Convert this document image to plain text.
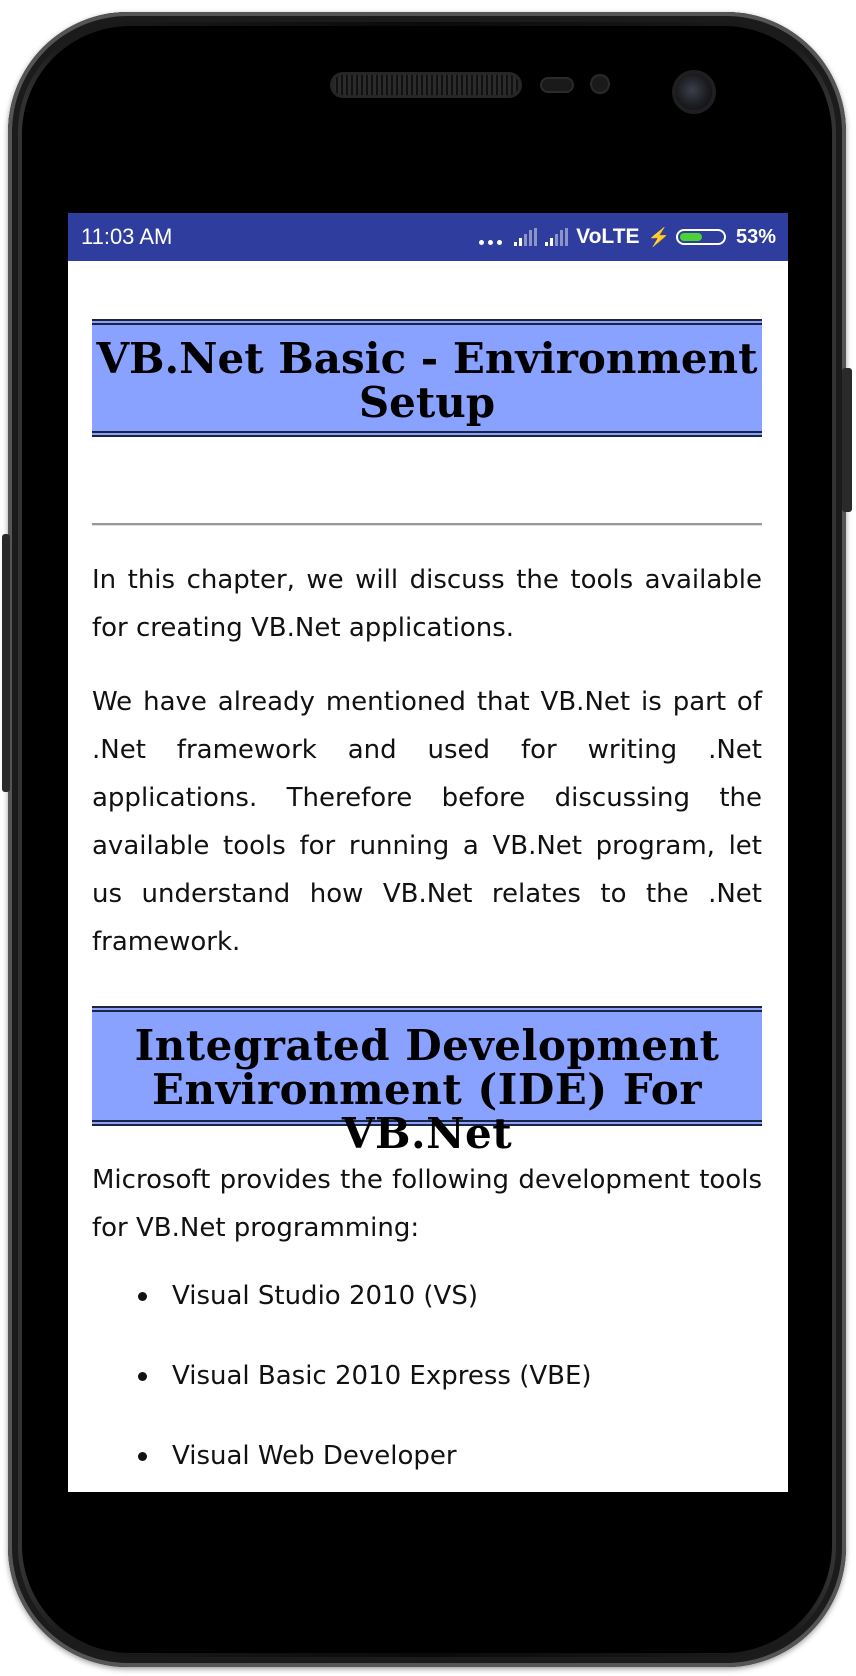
11:03 AM	VoLTE ⚡	53%
VB.Net Basic - Environment Setup

In this chapter, we will discuss the tools available for creating VB.Net applications.

We have already mentioned that VB.Net is part of .Net framework and used for writing .Net applications. Therefore before discussing the available tools for running a VB.Net program, let us understand how VB.Net relates to the .Net framework.

Integrated Development Environment (IDE) For VB.Net

Microsoft provides the following development tools for VB.Net programming:

Visual Studio 2010 (VS)
Visual Basic 2010 Express (VBE)
Visual Web Developer
